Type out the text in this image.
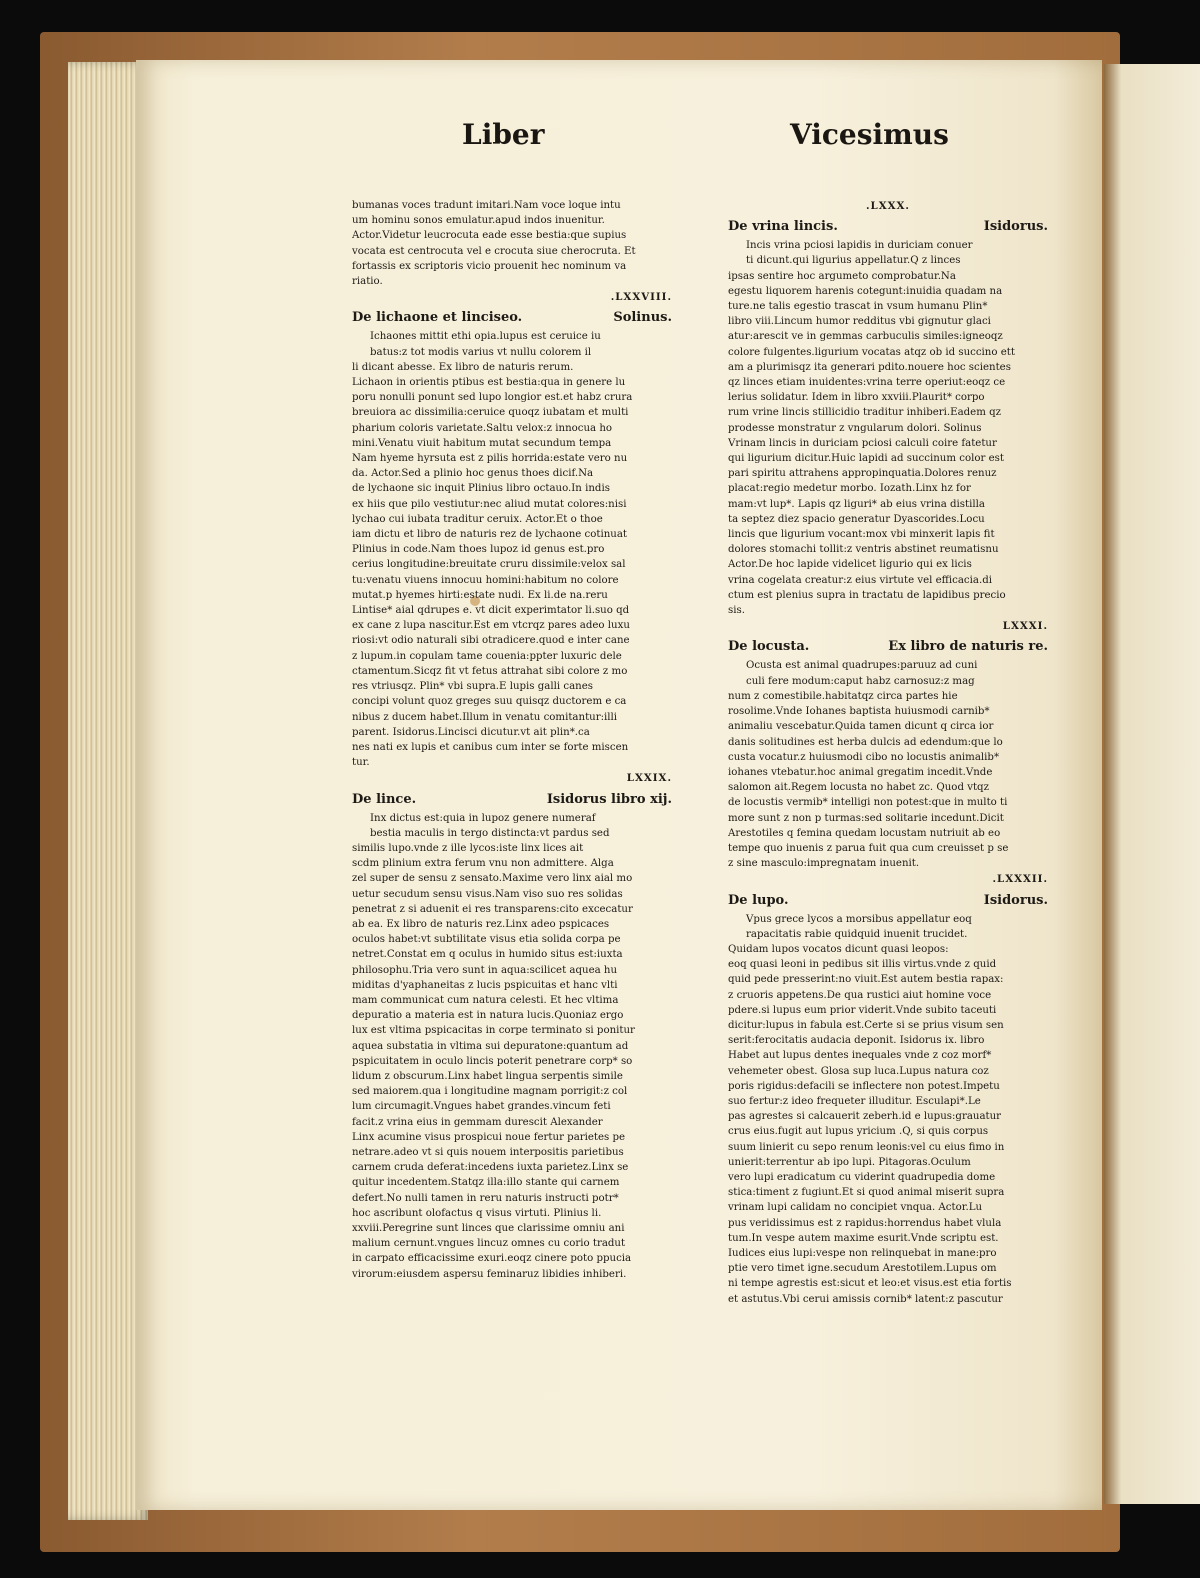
Liber	Vicesimus
bumanas voces tradunt imitari.Nam voce loque intu
um hominu sonos emulatur.apud indos inuenitur.
Actor.Videtur leucrocuta eade esse bestia:que supius
vocata est centrocuta vel e crocuta siue cherocruta. Et
fortassis ex scriptoris vicio prouenit hec nominum va
riatio.
.LXXVIII.
De lichaone et linciseo.	Solinus.
Ichaones mittit ethi opia.lupus est ceruice iu
batus:z tot modis varius vt nullu colorem il
li dicant abesse. Ex libro de naturis rerum.
Lichaon in orientis ptibus est bestia:qua in genere lu
poru nonulli ponunt sed lupo longior est.et habz crura
breuiora ac dissimilia:ceruice quoqz iubatam et multi
pharium coloris varietate.Saltu velox:z innocua ho
mini.Venatu viuit habitum mutat secundum tempa
Nam hyeme hyrsuta est z pilis horrida:estate vero nu
da. Actor.Sed a plinio hoc genus thoes dicif.Na
de lychaone sic inquit Plinius libro octauo.In indis
ex hiis que pilo vestiutur:nec aliud mutat colores:nisi
lychao cui iubata traditur ceruix. Actor.Et o thoe
iam dictu et libro de naturis rez de lychaone cotinuat
Plinius in code.Nam thoes lupoz id genus est.pro
cerius longitudine:breuitate cruru dissimile:velox sal
tu:venatu viuens innocuu homini:habitum no colore
mutat.p hyemes hirti:estate nudi. Ex li.de na.reru
Lintise* aial qdrupes e. vt dicit experimtator li.suo qd
ex cane z lupa nascitur.Est em vtcrqz pares adeo luxu
riosi:vt odio naturali sibi otradicere.quod e inter cane
z lupum.in copulam tame couenia:ppter luxuric dele
ctamentum.Sicqz fit vt fetus attrahat sibi colore z mo
res vtriusqz. Plin* vbi supra.E lupis galli canes
concipi volunt quoz greges suu quisqz ductorem e ca
nibus z ducem habet.Illum in venatu comitantur:illi
parent. Isidorus.Lincisci dicutur.vt ait plin*.ca
nes nati ex lupis et canibus cum inter se forte miscen
tur.
LXXIX.
De lince.	Isidorus libro xij.
Inx dictus est:quia in lupoz genere numeraf
bestia maculis in tergo distincta:vt pardus sed
similis lupo.vnde z ille lycos:iste linx lices ait
scdm plinium extra ferum vnu non admittere. Alga
zel super de sensu z sensato.Maxime vero linx aial mo
uetur secudum sensu visus.Nam viso suo res solidas
penetrat z si aduenit ei res transparens:cito excecatur
ab ea. Ex libro de naturis rez.Linx adeo pspicaces
oculos habet:vt subtilitate visus etia solida corpa pe
netret.Constat em q oculus in humido situs est:iuxta
philosophu.Tria vero sunt in aqua:scilicet aquea hu
miditas d'yaphaneitas z lucis pspicuitas et hanc vlti
mam communicat cum natura celesti. Et hec vltima
depuratio a materia est in natura lucis.Quoniaz ergo
lux est vltima pspicacitas in corpe terminato si ponitur
aquea substatia in vltima sui depuratone:quantum ad
pspicuitatem in oculo lincis poterit penetrare corp* so
lidum z obscurum.Linx habet lingua serpentis simile
sed maiorem.qua i longitudine magnam porrigit:z col
lum circumagit.Vngues habet grandes.vincum feti
facit.z vrina eius in gemmam durescit Alexander
Linx acumine visus prospicui noue fertur parietes pe
netrare.adeo vt si quis nouem interpositis parietibus
carnem cruda deferat:incedens iuxta parietez.Linx se
quitur incedentem.Statqz illa:illo stante qui carnem
defert.No nulli tamen in reru naturis instructi potr*
hoc ascribunt olofactus q visus virtuti. Plinius li.
xxviii.Peregrine sunt linces que clarissime omniu ani
malium cernunt.vngues lincuz omnes cu corio tradut
in carpato efficacissime exuri.eoqz cinere poto ppucia
virorum:eiusdem aspersu feminaruz libidies inhiberi.
.LXXX.
De vrina lincis.	Isidorus.
Incis vrina pciosi lapidis in duriciam conuer
ti dicunt.qui ligurius appellatur.Q z linces
ipsas sentire hoc argumeto comprobatur.Na
egestu liquorem harenis cotegunt:inuidia quadam na
ture.ne talis egestio trascat in vsum humanu Plin*
libro viii.Lincum humor redditus vbi gignutur glaci
atur:arescit ve in gemmas carbuculis similes:igneoqz
colore fulgentes.ligurium vocatas atqz ob id succino ett
am a plurimisqz ita generari pdito.nouere hoc scientes
qz linces etiam inuidentes:vrina terre operiut:eoqz ce
lerius solidatur. Idem in libro xxviii.Plaurit* corpo
rum vrine lincis stillicidio traditur inhiberi.Eadem qz
prodesse monstratur z vngularum dolori. Solinus
Vrinam lincis in duriciam pciosi calculi coire fatetur
qui ligurium dicitur.Huic lapidi ad succinum color est
pari spiritu attrahens appropinquatia.Dolores renuz
placat:regio medetur morbo. Iozath.Linx hz for
mam:vt lup*. Lapis qz liguri* ab eius vrina distilla
ta septez diez spacio generatur Dyascorides.Locu
lincis que ligurium vocant:mox vbi minxerit lapis fit
dolores stomachi tollit:z ventris abstinet reumatisnu
Actor.De hoc lapide videlicet ligurio qui ex licis
vrina cogelata creatur:z eius virtute vel efficacia.di
ctum est plenius supra in tractatu de lapidibus precio
sis.
LXXXI.
De locusta.	Ex libro de naturis re.
Ocusta est animal quadrupes:paruuz ad cuni
culi fere modum:caput habz carnosuz:z mag
num z comestibile.habitatqz circa partes hie
rosolime.Vnde Iohanes baptista huiusmodi carnib*
animaliu vescebatur.Quida tamen dicunt q circa ior
danis solitudines est herba dulcis ad edendum:que lo
custa vocatur.z huiusmodi cibo no locustis animalib*
iohanes vtebatur.hoc animal gregatim incedit.Vnde
salomon ait.Regem locusta no habet zc. Quod vtqz
de locustis vermib* intelligi non potest:que in multo ti
more sunt z non p turmas:sed solitarie incedunt.Dicit
Arestotiles q femina quedam locustam nutriuit ab eo
tempe quo inuenis z parua fuit qua cum creuisset p se
z sine masculo:impregnatam inuenit.
.LXXXII.
De lupo.	Isidorus.
Vpus grece lycos a morsibus appellatur eoq
rapacitatis rabie quidquid inuenit trucidet.
Quidam lupos vocatos dicunt quasi leopos:
eoq quasi leoni in pedibus sit illis virtus.vnde z quid
quid pede presserint:no viuit.Est autem bestia rapax:
z cruoris appetens.De qua rustici aiut homine voce
pdere.si lupus eum prior viderit.Vnde subito taceuti
dicitur:lupus in fabula est.Certe si se prius visum sen
serit:ferocitatis audacia deponit. Isidorus ix. libro
Habet aut lupus dentes inequales vnde z coz morf*
vehemeter obest. Glosa sup luca.Lupus natura coz
poris rigidus:defacili se inflectere non potest.Impetu
suo fertur:z ideo frequeter illuditur. Esculapi*.Le
pas agrestes si calcauerit zeberh.id e lupus:grauatur
crus eius.fugit aut lupus yricium .Q, si quis corpus
suum linierit cu sepo renum leonis:vel cu eius fimo in
unierit:terrentur ab ipo lupi. Pitagoras.Oculum
vero lupi eradicatum cu viderint quadrupedia dome
stica:timent z fugiunt.Et si quod animal miserit supra
vrinam lupi calidam no concipiet vnqua. Actor.Lu
pus veridissimus est z rapidus:horrendus habet vlula
tum.In vespe autem maxime esurit.Vnde scriptu est.
Iudices eius lupi:vespe non relinquebat in mane:pro
ptie vero timet igne.secudum Arestotilem.Lupus om
ni tempe agrestis est:sicut et leo:et visus.est etia fortis
et astutus.Vbi cerui amissis cornib* latent:z pascutur
